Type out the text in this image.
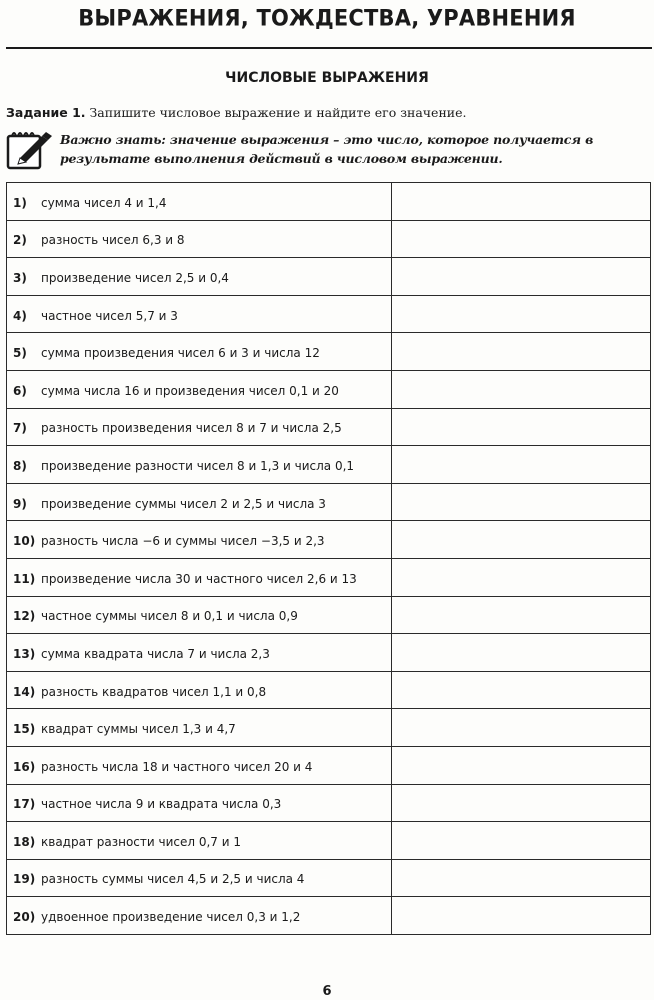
ВЫРАЖЕНИЯ, ТОЖДЕСТВА, УРАВНЕНИЯ
ЧИСЛОВЫЕ ВЫРАЖЕНИЯ
Задание 1. Запишите числовое выражение и найдите его значение.
Важно знать: значение выражения – это число, которое получается в результате выполнения действий в числовом выражении.
1) сумма чисел 4 и 1,4	
2) разность чисел 6,3 и 8	
3) произведение чисел 2,5 и 0,4	
4) частное чисел 5,7 и 3	
5) сумма произведения чисел 6 и 3 и числа 12	
6) сумма числа 16 и произведения чисел 0,1 и 20	
7) разность произведения чисел 8 и 7 и числа 2,5	
8) произведение разности чисел 8 и 1,3 и числа 0,1	
9) произведение суммы чисел 2 и 2,5 и числа 3	
10) разность числа −6 и суммы чисел −3,5 и 2,3	
11) произведение числа 30 и частного чисел 2,6 и 13	
12) частное суммы чисел 8 и 0,1 и числа 0,9	
13) сумма квадрата числа 7 и числа 2,3	
14) разность квадратов чисел 1,1 и 0,8	
15) квадрат суммы чисел 1,3 и 4,7	
16) разность числа 18 и частного чисел 20 и 4	
17) частное числа 9 и квадрата числа 0,3	
18) квадрат разности чисел 0,7 и 1	
19) разность суммы чисел 4,5 и 2,5 и числа 4	
20) удвоенное произведение чисел 0,3 и 1,2	
6
